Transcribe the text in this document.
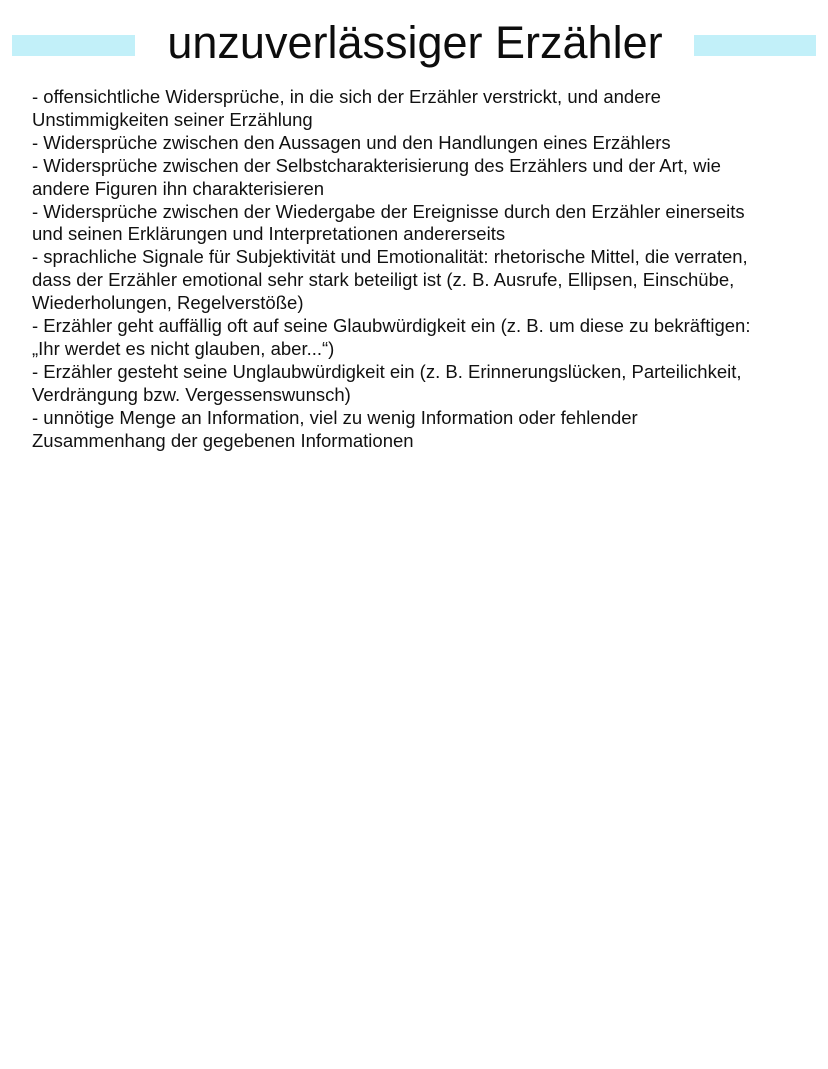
unzuverlässiger Erzähler
- offensichtliche Widersprüche, in die sich der Erzähler verstrickt, und andere
Unstimmigkeiten seiner Erzählung
- Widersprüche zwischen den Aussagen und den Handlungen eines Erzählers
- Widersprüche zwischen der Selbstcharakterisierung des Erzählers und der Art, wie
andere Figuren ihn charakterisieren
- Widersprüche zwischen der Wiedergabe der Ereignisse durch den Erzähler einerseits
und seinen Erklärungen und Interpretationen andererseits
- sprachliche Signale für Subjektivität und Emotionalität: rhetorische Mittel, die verraten,
dass der Erzähler emotional sehr stark beteiligt ist (z. B. Ausrufe, Ellipsen, Einschübe,
Wiederholungen, Regelverstöße)
- Erzähler geht auffällig oft auf seine Glaubwürdigkeit ein (z. B. um diese zu bekräftigen:
„Ihr werdet es nicht glauben, aber...“)
- Erzähler gesteht seine Unglaubwürdigkeit ein (z. B. Erinnerungslücken, Parteilichkeit,
Verdrängung bzw. Vergessenswunsch)
- unnötige Menge an Information, viel zu wenig Information oder fehlender
Zusammenhang der gegebenen Informationen
